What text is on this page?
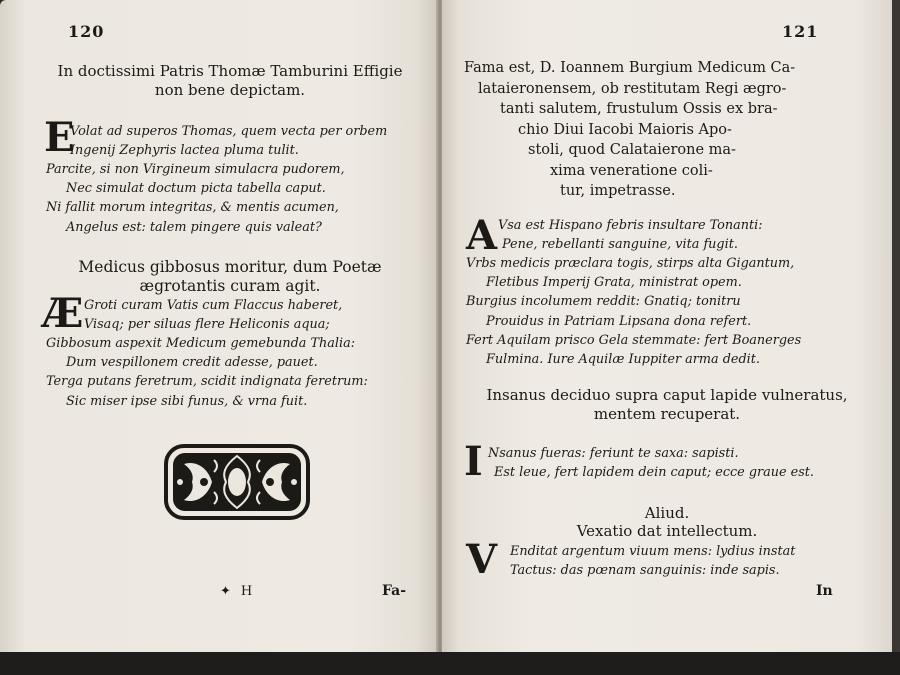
120
In doctissimi Patris Thomæ Tamburini Effigie
non bene depictam.
E
Volat ad superos Thomas, quem vecta per orbem
Ingenij Zephyris lactea pluma tulit.
Parcite, si non Virgineum simulacra pudorem,
Nec simulat doctum picta tabella caput.
Ni fallit morum integritas, & mentis acumen,
Angelus est: talem pingere quis valeat?
Medicus gibbosus moritur, dum Poetæ
ægrotantis curam agit.
Æ Groti curam Vatis cum Flaccus haberet,
Visaq; per siluas flere Heliconis aqua;
Gibbosum aspexit Medicum gemebunda Thalia:
Dum vespillonem credit adesse, pauet.
Terga putans feretrum, scidit indignata feretrum:
Sic miser ipse sibi funus, & vrna fuit.
✦ H	Fa-
121
Fama est, D. Ioannem Burgium Medicum Ca-
lataieronensem, ob restitutam Regi ægro-
tanti salutem, frustulum Ossis ex bra-
chio Diui Iacobi Maioris Apo-
stoli, quod Calataierone ma-
xima veneratione coli-
tur, impetrasse.
A Vsa est Hispano febris insultare Tonanti:
Pene, rebellanti sanguine, vita fugit.
Vrbs medicis præclara togis, stirps alta Gigantum,
Fletibus Imperij Grata, ministrat opem.
Burgius incolumem reddit: Gnatiq; tonitru
Prouidus in Patriam Lipsana dona refert.
Fert Aquilam prisco Gela stemmate: fert Boanerges
Fulmina. Iure Aquilæ Iuppiter arma dedit.
Insanus deciduo supra caput lapide vulneratus,
mentem recuperat.
I Nsanus fueras: feriunt te saxa: sapisti.
Est leue, fert lapidem dein caput; ecce graue est.
Aliud.
Vexatio dat intellectum.
V Enditat argentum viuum mens: lydius instat
Tactus: das pœnam sanguinis: inde sapis.
In
